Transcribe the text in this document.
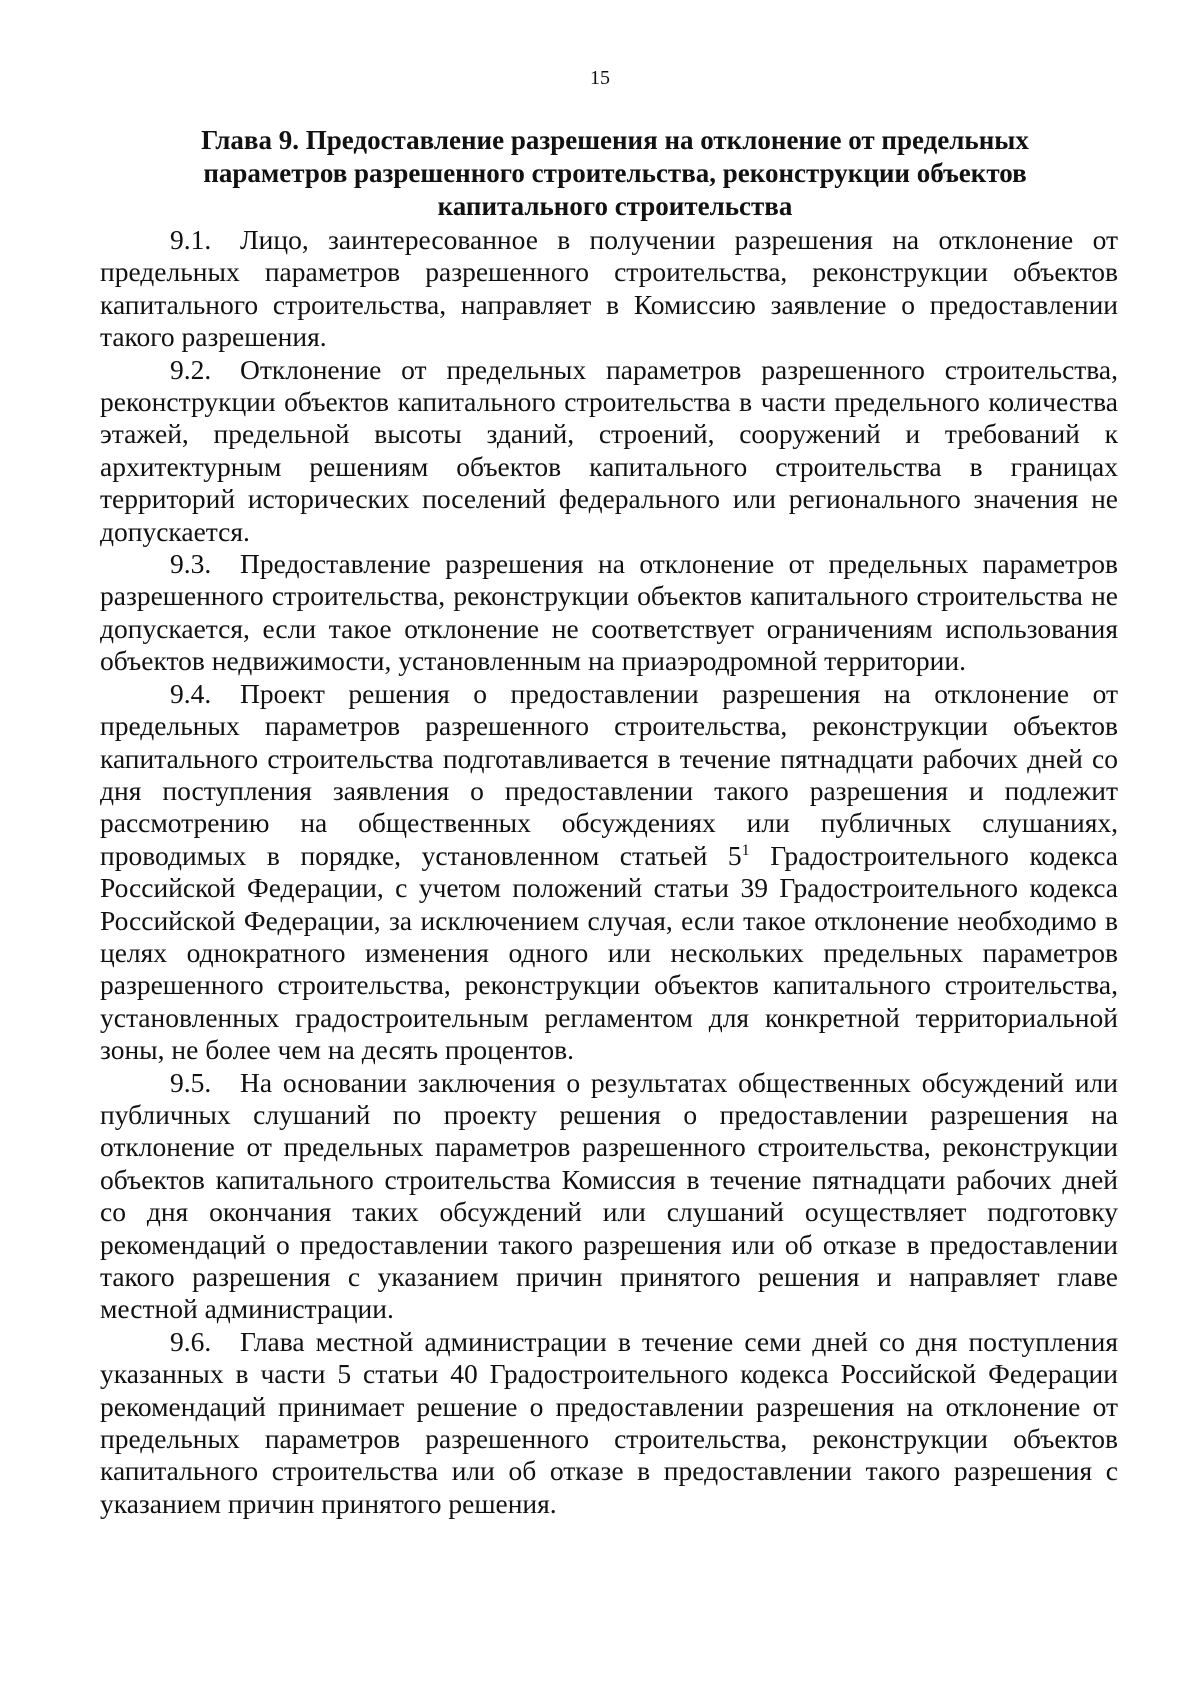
15
Глава 9. Предоставление разрешения на отклонение от предельных параметров разрешенного строительства, реконструкции объектов капитального строительства

9.1. Лицо, заинтересованное в получении разрешения на отклонение от предельных параметров разрешенного строительства, реконструкции объектов капитального строительства, направляет в Комиссию заявление о предоставлении такого разрешения.

9.2. Отклонение от предельных параметров разрешенного строительства, реконструкции объектов капитального строительства в части предельного количества этажей, предельной высоты зданий, строений, сооружений и требований к архитектурным решениям объектов капитального строительства в границах территорий исторических поселений федерального или регионального значения не допускается.

9.3. Предоставление разрешения на отклонение от предельных параметров разрешенного строительства, реконструкции объектов капитального строительства не допускается, если такое отклонение не соответствует ограничениям использования объектов недвижимости, установленным на приаэродромной территории.

9.4. Проект решения о предоставлении разрешения на отклонение от предельных параметров разрешенного строительства, реконструкции объектов капитального строительства подготавливается в течение пятнадцати рабочих дней со дня поступления заявления о предоставлении такого разрешения и подлежит рассмотрению на общественных обсуждениях или публичных слушаниях, проводимых в порядке, установленном статьей $5^1$ Градостроительного кодекса Российской Федерации, с учетом положений статьи 39 Градостроительного кодекса Российской Федерации, за исключением случая, если такое отклонение необходимо в целях однократного изменения одного или нескольких предельных параметров разрешенного строительства, реконструкции объектов капитального строительства, установленных градостроительным регламентом для конкретной территориальной зоны, не более чем на десять процентов.

9.5. На основании заключения о результатах общественных обсуждений или публичных слушаний по проекту решения о предоставлении разрешения на отклонение от предельных параметров разрешенного строительства, реконструкции объектов капитального строительства Комиссия в течение пятнадцати рабочих дней со дня окончания таких обсуждений или слушаний осуществляет подготовку рекомендаций о предоставлении такого разрешения или об отказе в предоставлении такого разрешения с указанием причин принятого решения и направляет главе местной администрации.

9.6. Глава местной администрации в течение семи дней со дня поступления указанных в части 5 статьи 40 Градостроительного кодекса Российской Федерации рекомендаций принимает решение о предоставлении разрешения на отклонение от предельных параметров разрешенного строительства, реконструкции объектов капитального строительства или об отказе в предоставлении такого разрешения с указанием причин принятого решения.
